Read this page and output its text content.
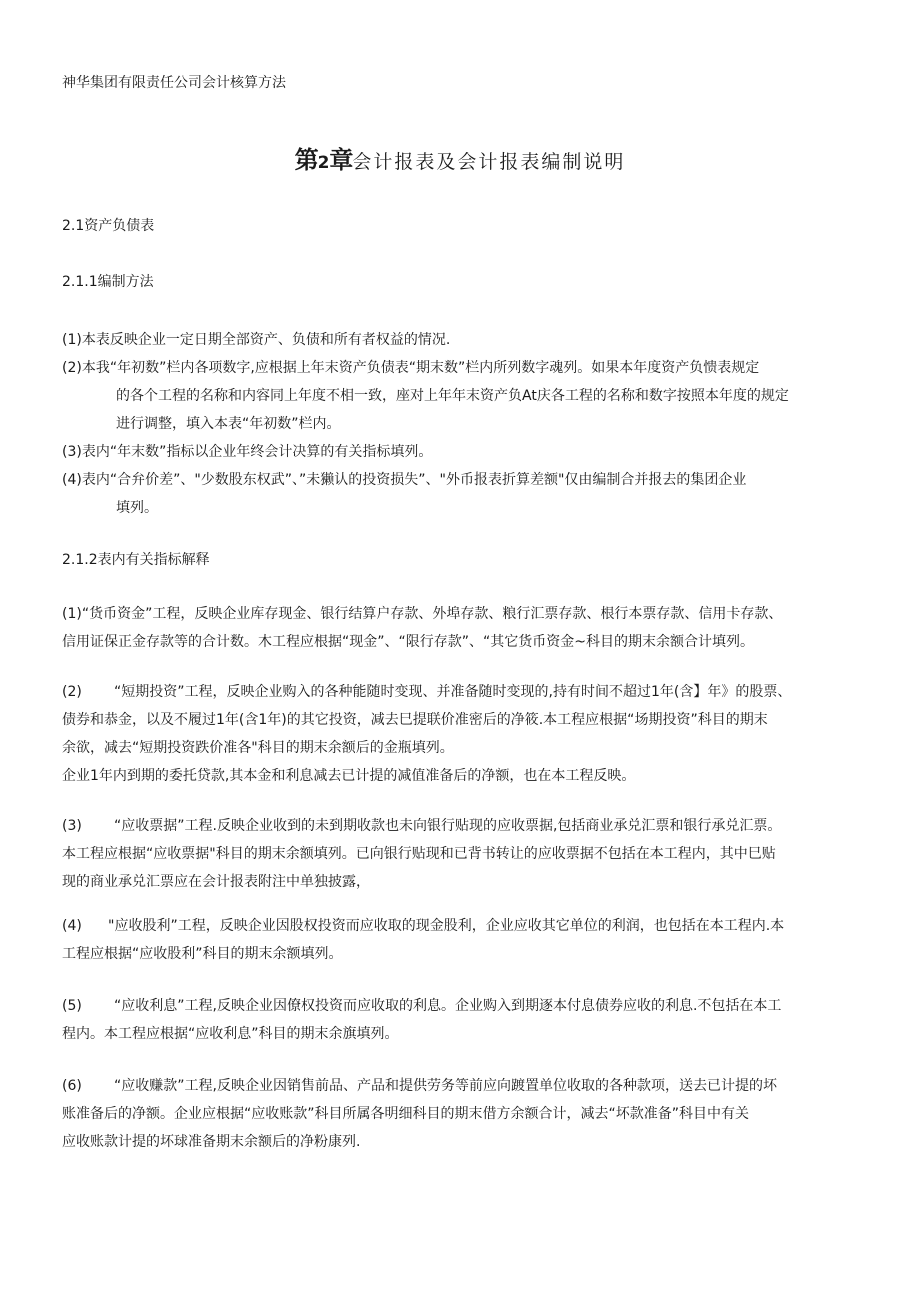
神华集团有限责任公司会计核算方法
第2章会计报表及会计报表编制说明
2.1资产负债表
2.1.1编制方法
(1)本表反映企业一定日期全部资产、负债和所有者权益的情况.
(2)本我“年初数”栏内各项数字,应根据上年末资产负债表“期末数”栏内所列数字魂列。如果本年度资产负愦表规定
的各个工程的名称和内容同上年度不相一致，座对上年年末资产负At庆各工程的名称和数字按照本年度的规定
进行调整，填入本表“年初数”栏内。
(3)表内“年末数”指标以企业年终会计决算的有关指标填列。
(4)表内“合弁价差”、"少数股东权武”、”未獭认的投资损失”、"外币报表折算差额"仅由编制合并报去的集团企业
填列。
2.1.2表内有关指标解释
(1)“货币资金”工程，反映企业库存现金、银行结算户存款、外埠存款、粮行汇票存款、根行本票存款、信用卡存款、
信用证保正金存款等的合计数。木工程应根据“现金”、“限行存款”、“其它货币资金~科目的期末余额合计填列。
(2) “短期投资”工程，反映企业购入的各种能随时变现、并准备随时变现的,持有时间不超过1年(含】年》的股票、
债券和恭金，以及不履过1年(含1年)的其它投资，减去巳提联价准密后的净筱.本工程应根据“场期投资”科目的期末
余欲，减去“短期投资跌价准各"科目的期末余额后的金瓶填列。
企业1年内到期的委托贷款,其本金和利息减去已计提的减值准备后的净额，也在本工程反映。
(3) “应收票据”工程.反映企业收到的未到期收款也未向银行贴现的应收票据,包括商业承兑汇票和银行承兑汇票。
本工程应根据“应收票据"科目的期末余额填列。已向银行贴现和已背书转让的应收票据不包括在本工程内，其中巳贴
现的商业承兑汇票应在会计报表附注中单独披露，
(4) "应收股利”工程，反映企业因股权投资而应收取的现金股利，企业应收其它单位的利润，也包括在本工程内.本
工程应根据“应收股利”科目的期末余额填列。
(5) “应收利息”工程,反映企业因僚权投资而应收取的利息。企业购入到期逐本付息债券应收的利息.不包括在本工
程内。本工程应根据“应收利息”科目的期末余旗填列。
(6) “应收赚款”工程,反映企业因销售前品、产品和提供劳务等前应向踱置单位收取的各种款项，送去已计提的坏
账准备后的净额。企业应根据“应收账款”科目所属各明细科目的期末借方余额合计，减去“坏款准备”科目中有关
应收账款计提的坏球准备期末余额后的净粉康列.
